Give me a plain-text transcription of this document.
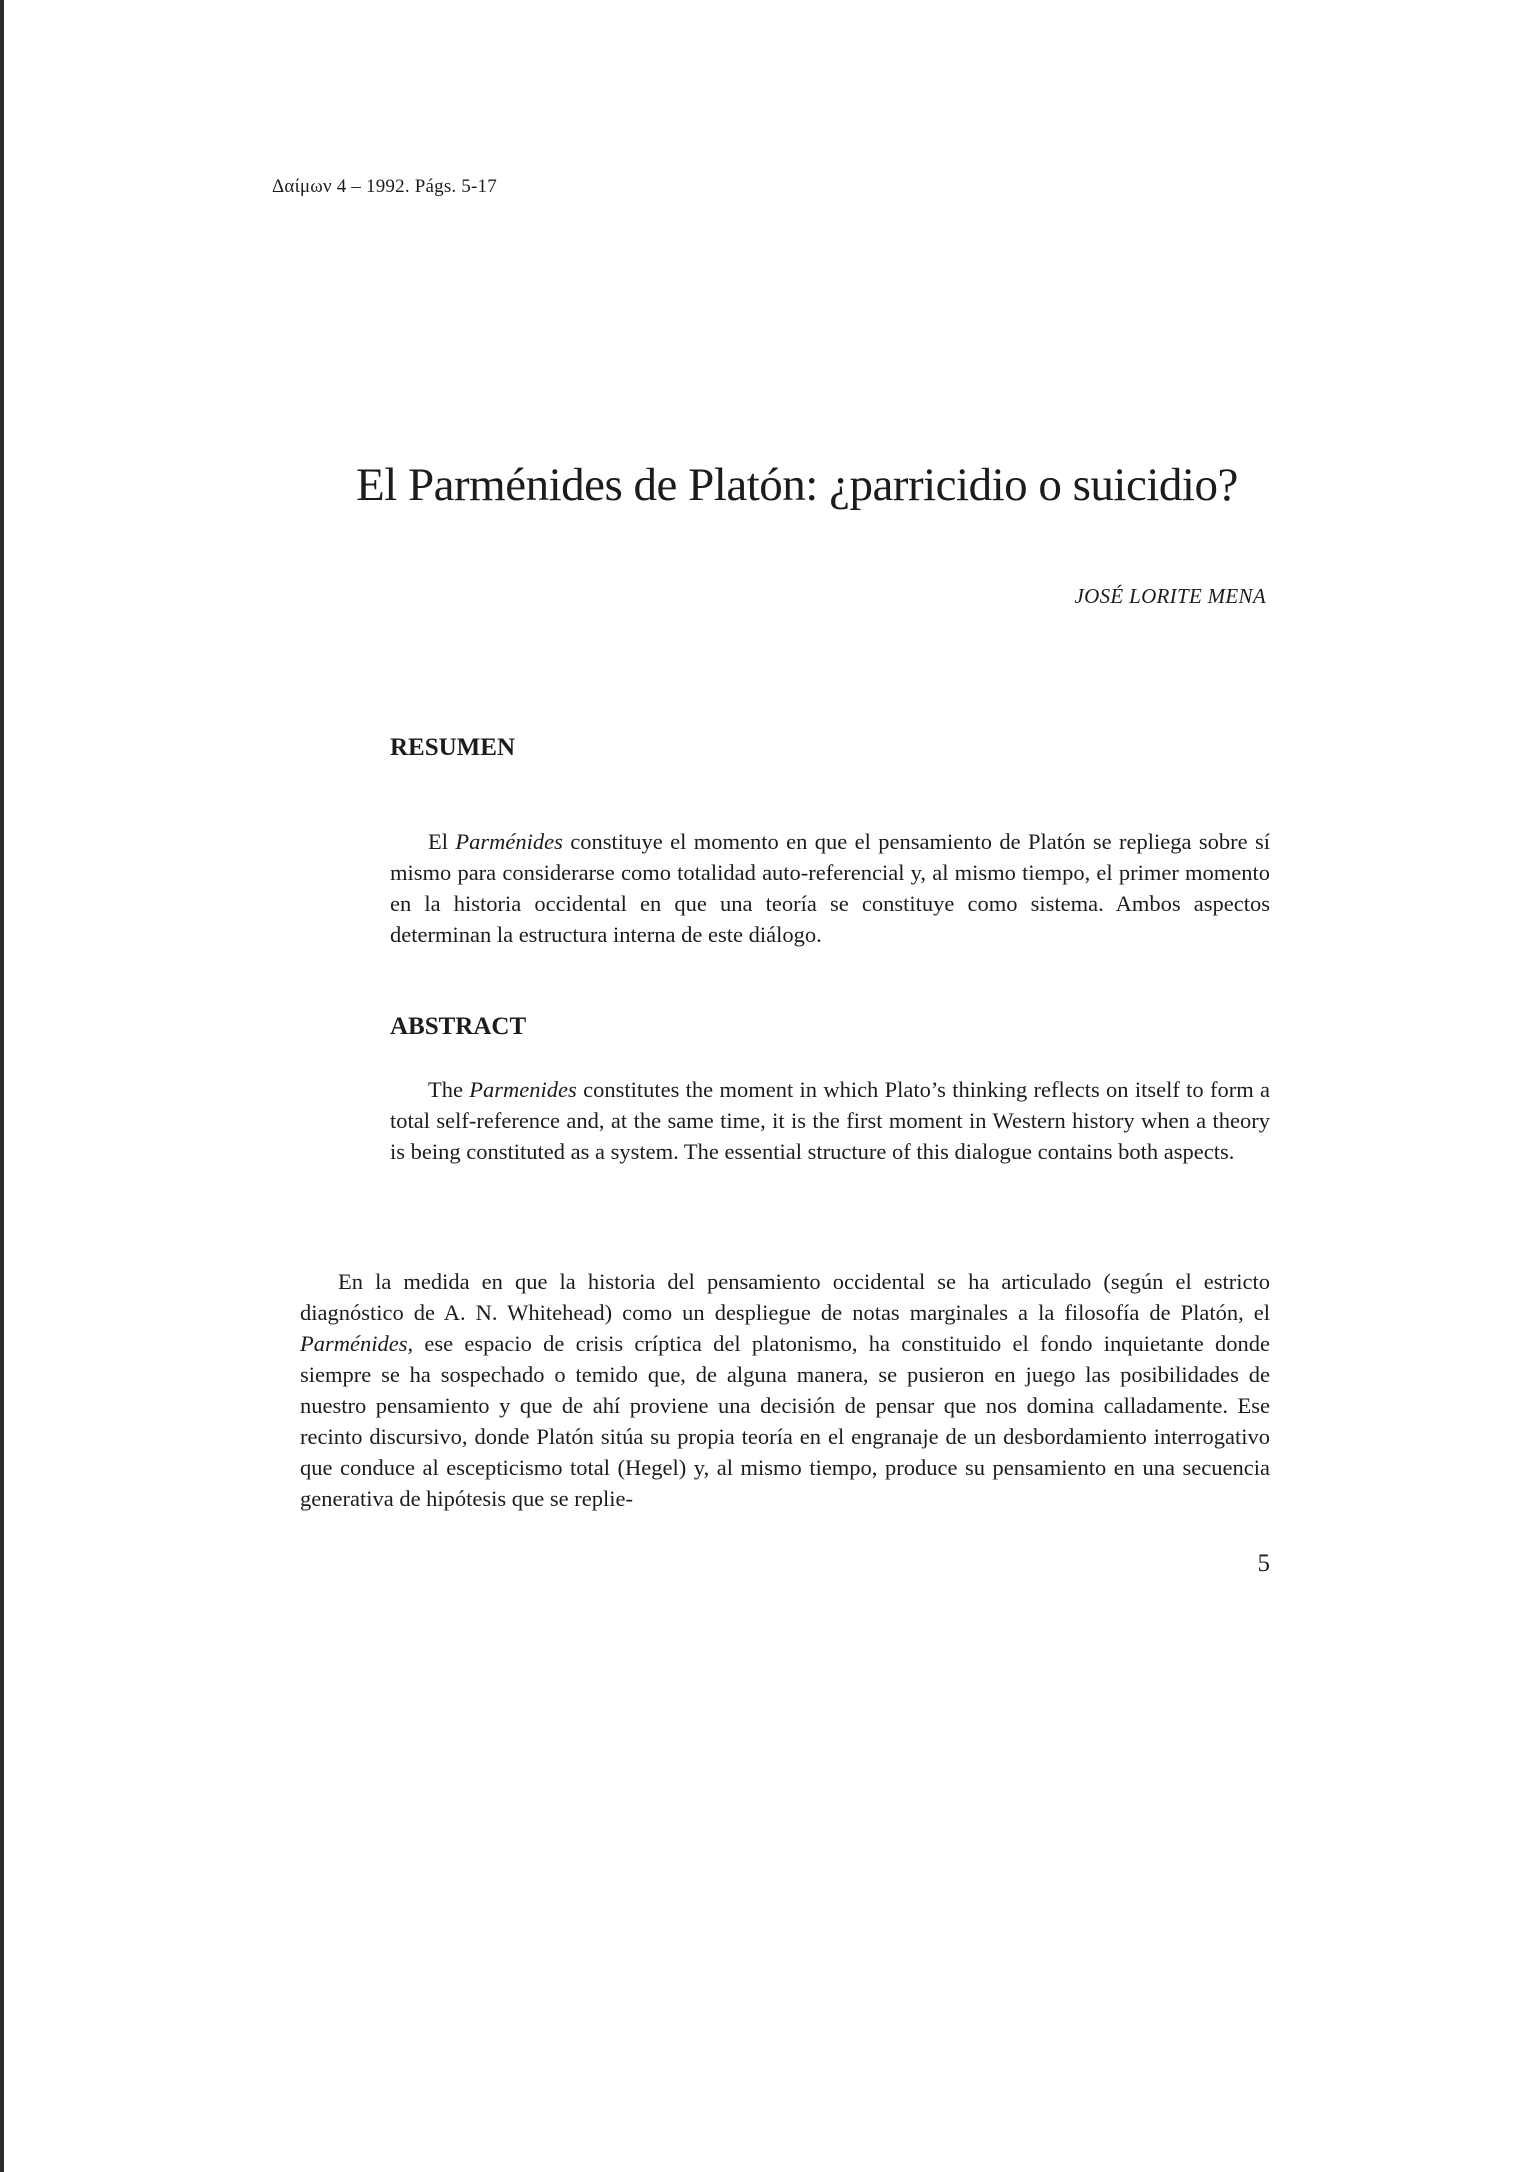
Δαίμων 4 – 1992. Págs. 5-17
El Parménides de Platón: ¿parricidio o suicidio?
JOSÉ LORITE MENA
RESUMEN

El Parménides constituye el momento en que el pensamiento de Platón se repliega sobre sí mismo para considerarse como totalidad auto-referencial y, al mismo tiempo, el primer momento en la historia occidental en que una teoría se constituye como sistema. Ambos aspectos determinan la estructura interna de este diálogo.

ABSTRACT

The Parmenides constitutes the moment in which Plato’s thinking reflects on itself to form a total self-reference and, at the same time, it is the first moment in Western history when a theory is being constituted as a system. The essential structure of this dialogue contains both aspects.

En la medida en que la historia del pensamiento occidental se ha articulado (según el estricto diagnóstico de A. N. Whitehead) como un despliegue de notas marginales a la filosofía de Platón, el Parménides, ese espacio de crisis críptica del platonismo, ha constituido el fondo inquietante donde siempre se ha sospechado o temido que, de alguna manera, se pusieron en juego las posibilidades de nuestro pensamiento y que de ahí proviene una decisión de pensar que nos domina calladamente. Ese recinto discursivo, donde Platón sitúa su propia teoría en el engranaje de un desbordamiento interrogativo que conduce al escepticismo total (Hegel) y, al mismo tiempo, produce su pensamiento en una secuencia generativa de hipótesis que se replie-

5
